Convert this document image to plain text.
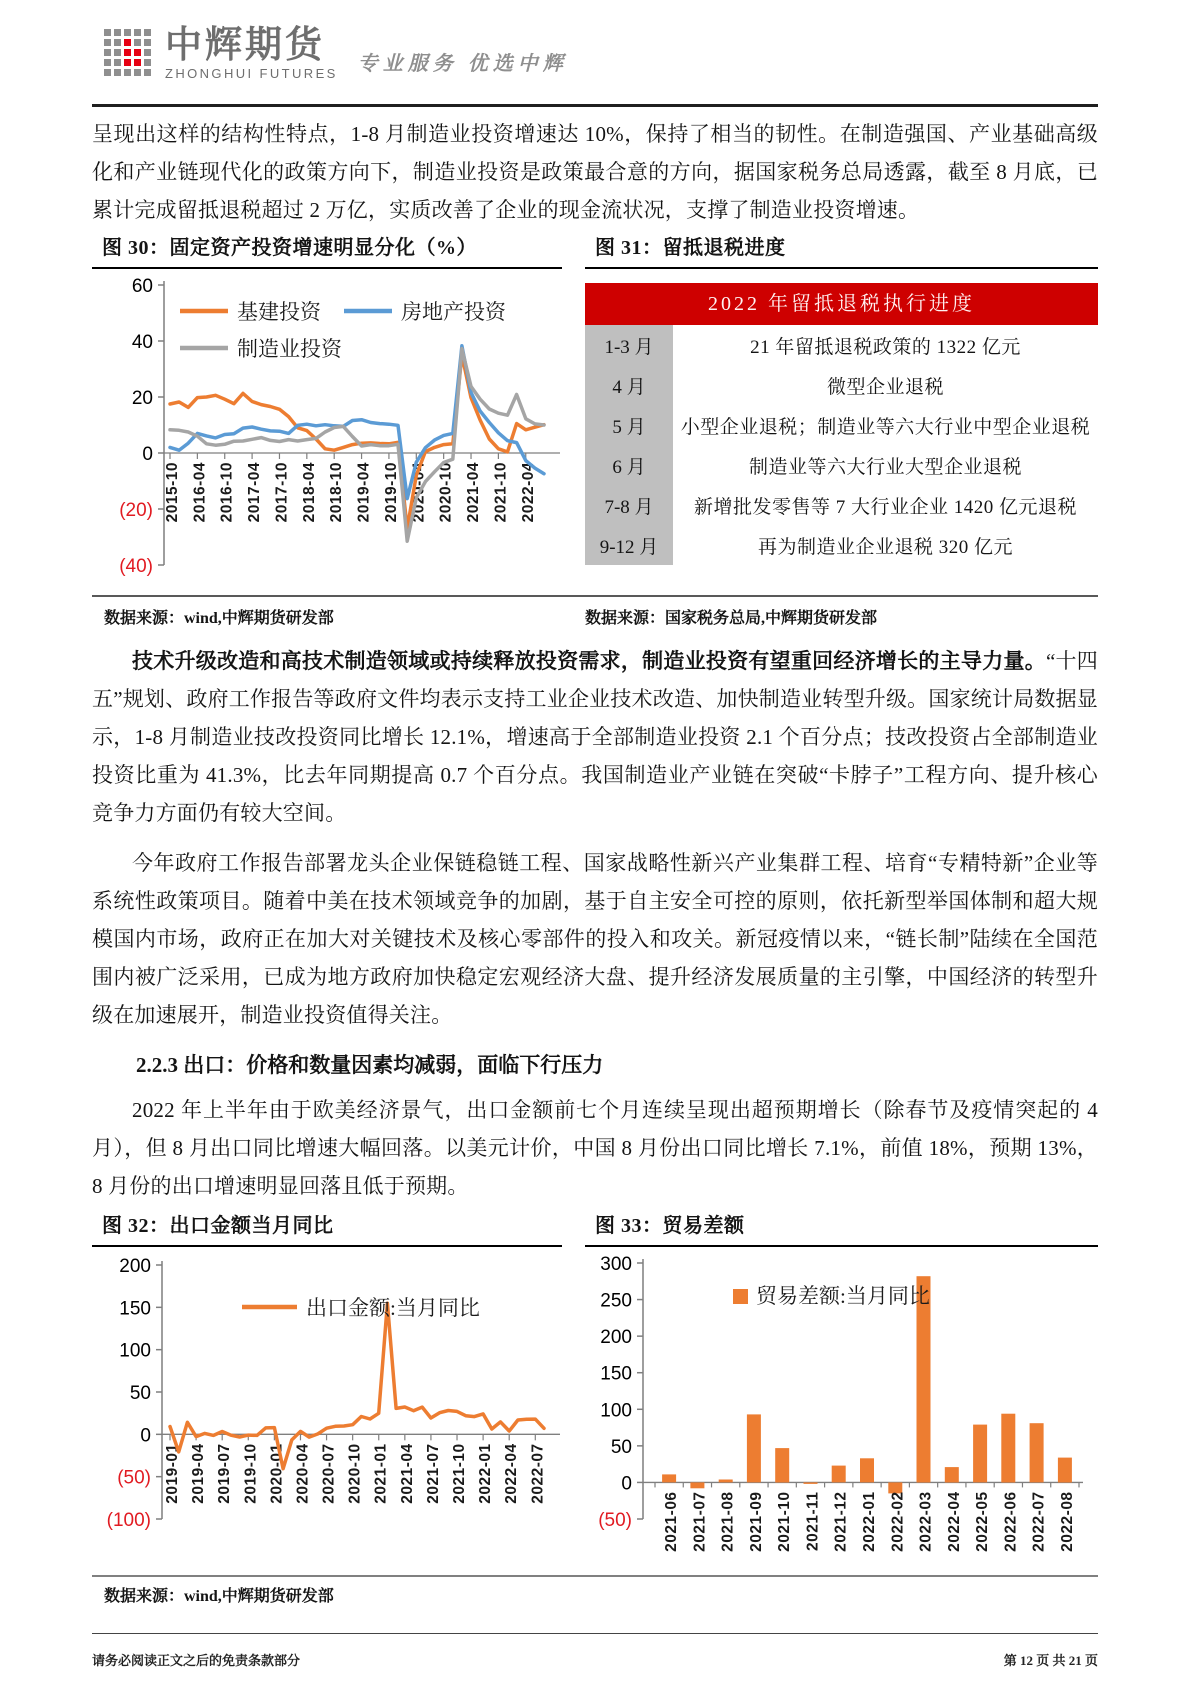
中辉期货
ZHONGHUI FUTURES 专业服务 优选中辉

呈现出这样的结构性特点，1-8 月制造业投资增速达 10%，保持了相当的韧性。在制造强国、产业基础高级化和产业链现代化的政策方向下，制造业投资是政策最合意的方向，据国家税务总局透露，截至 8 月底，已累计完成留抵退税超过 2 万亿，实质改善了企业的现金流状况，支撑了制造业投资增速。

图 30：固定资产投资增速明显分化（%）
60
40
20
0
(20)
(40)
2015-10 2016-04 2016-10 2017-04 2017-10 2018-04 2018-10 2019-04 2019-10 2020-04 2020-10 2021-04 2021-10 2022-04
基建投资	房地产投资
制造业投资
图 31：留抵退税进度
2022 年留抵退税执行进度
1-3 月	21 年留抵退税政策的 1322 亿元
4 月	微型企业退税
5 月	小型企业退税；制造业等六大行业中型企业退税
6 月	制造业等六大行业大型企业退税
7-8 月	新增批发零售等 7 大行业企业 1420 亿元退税
9-12 月	再为制造业企业退税 320 亿元
数据来源：wind,中辉期货研发部	数据来源：国家税务总局,中辉期货研发部

技术升级改造和高技术制造领域或持续释放投资需求，制造业投资有望重回经济增长的主导力量。“十四五”规划、政府工作报告等政府文件均表示支持工业企业技术改造、加快制造业转型升级。国家统计局数据显示，1-8 月制造业技改投资同比增长 12.1%，增速高于全部制造业投资 2.1 个百分点；技改投资占全部制造业投资比重为 41.3%，比去年同期提高 0.7 个百分点。我国制造业产业链在突破“卡脖子”工程方向、提升核心竞争力方面仍有较大空间。

今年政府工作报告部署龙头企业保链稳链工程、国家战略性新兴产业集群工程、培育“专精特新”企业等系统性政策项目。随着中美在技术领域竞争的加剧，基于自主安全可控的原则，依托新型举国体制和超大规模国内市场，政府正在加大对关键技术及核心零部件的投入和攻关。新冠疫情以来，“链长制”陆续在全国范围内被广泛采用，已成为地方政府加快稳定宏观经济大盘、提升经济发展质量的主引擎，中国经济的转型升级在加速展开，制造业投资值得关注。

2.2.3 出口：价格和数量因素均减弱，面临下行压力

2022 年上半年由于欧美经济景气，出口金额前七个月连续呈现出超预期增长（除春节及疫情突起的 4 月），但 8 月出口同比增速大幅回落。以美元计价，中国 8 月份出口同比增长 7.1%，前值 18%，预期 13%，8 月份的出口增速明显回落且低于预期。

图 32：出口金额当月同比
200
150
100
50
0
(50)
(100)
2019-01 2019-04 2019-07 2019-10 2020-01 2020-04 2020-07 2020-10 2021-01 2021-04 2021-07 2021-10 2022-01 2022-04 2022-07
出口金额:当月同比
图 33：贸易差额
300
250
200
150
100
50
0
(50) 2021-06 2021-07 2021-08 2021-09 2021-10 2021-11 2021-12 2022-01 2022-02 2022-03 2022-04 2022-05 2022-06 2022-07 2022-08
贸易差额:当月同比
数据来源：wind,中辉期货研发部
请务必阅读正文之后的免责条款部分	第 12 页 共 21 页
